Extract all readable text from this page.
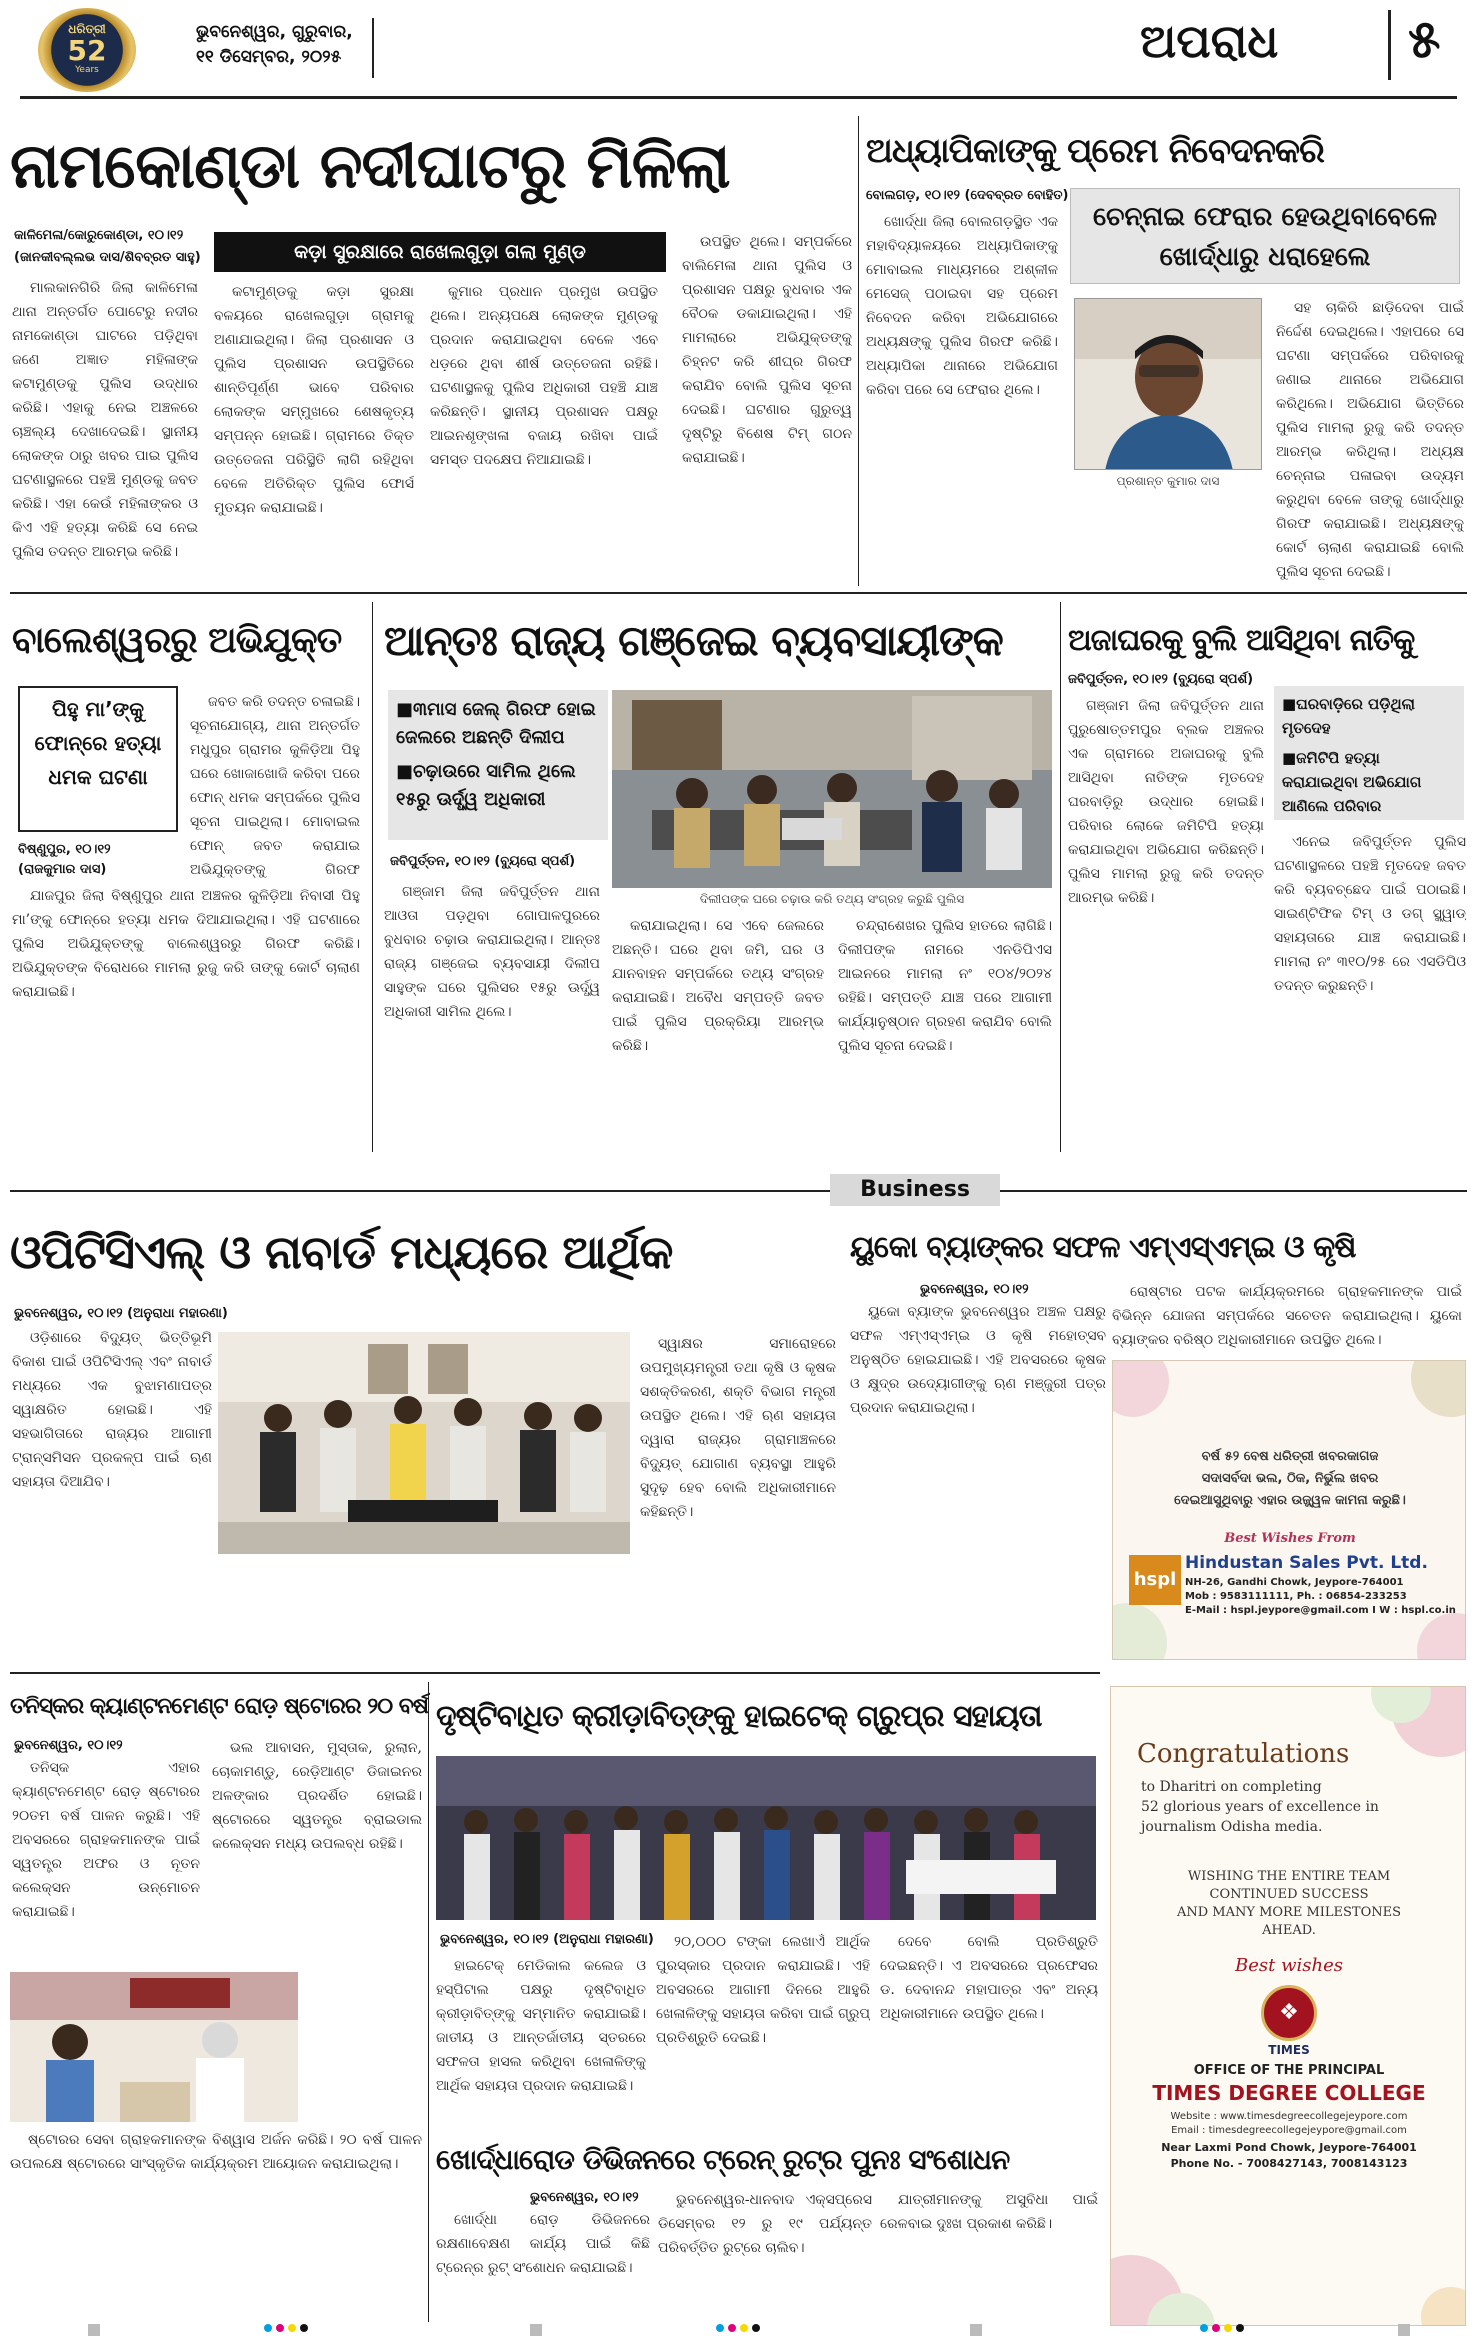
ଧରିତ୍ରୀ
52
Years
ଭୁବନେଶ୍ୱର, ଗୁରୁବାର,
୧୧ ଡିସେମ୍ବର, ୨୦୨୫	ଅପରାଧ ୫
ନାମକୋଣ୍ଡା ନଦୀଘାଟରୁ ମିଳିଲା
କାଳିମେଳା/କୋରୁକୋଣ୍ଡା, ୧୦।୧୨
(ଜାନକୀବଲ୍ଲଭ ଦାସ/ଶିବବ୍ରତ ସାହୁ)	କଡ଼ା ସୁରକ୍ଷାରେ ରାଖେଲଗୁଡ଼ା ଗଲା ମୁଣ୍ଡ

ମାଲକାନଗିରି ଜିଲା କାଳିମେଳା ଥାନା ଅନ୍ତର୍ଗତ ପୋଟେରୁ ନଦୀର ନାମକୋଣ୍ଡା ଘାଟରେ ପଡ଼ିଥିବା ଜଣେ ଅଜ୍ଞାତ ମହିଳାଙ୍କ କଟାମୁଣ୍ଡକୁ ପୁଲିସ ଉଦ୍ଧାର କରିଛି। ଏହାକୁ ନେଇ ଅଞ୍ଚଳରେ ଚାଞ୍ଚଲ୍ୟ ଦେଖାଦେଇଛି। ସ୍ଥାନୀୟ ଲୋକଙ୍କ ଠାରୁ ଖବର ପାଇ ପୁଲିସ ଘଟଣାସ୍ଥଳରେ ପହଞ୍ଚି ମୁଣ୍ଡକୁ ଜବତ କରିଛି। ଏହା କେଉଁ ମହିଳାଙ୍କର ଓ କିଏ ଏହି ହତ୍ୟା କରିଛି ସେ ନେଇ ପୁଲିସ ତଦନ୍ତ ଆରମ୍ଭ କରିଛି।

କଟାମୁଣ୍ଡକୁ କଡ଼ା ସୁରକ୍ଷା ବଳୟରେ ରାଖେଲଗୁଡ଼ା ଗ୍ରାମକୁ ଅଣାଯାଇଥିଲା। ଜିଲା ପ୍ରଶାସନ ଓ ପୁଲିସ ପ୍ରଶାସନ ଉପସ୍ଥିତିରେ ଶାନ୍ତିପୂର୍ଣ୍ଣ ଭାବେ ପରିବାର ଲୋକଙ୍କ ସମ୍ମୁଖରେ ଶେଷକୃତ୍ୟ ସମ୍ପନ୍ନ ହୋଇଛି। ଗ୍ରାମରେ ତିକ୍ତ ଉତ୍ତେଜନା ପରିସ୍ଥିତି ଲାଗି ରହିଥିବା ବେଳେ ଅତିରିକ୍ତ ପୁଲିସ ଫୋର୍ସ ମୁତୟନ କରାଯାଇଛି।

କୁମାର ପ୍ରଧାନ ପ୍ରମୁଖ ଉପସ୍ଥିତ ଥିଲେ। ଅନ୍ୟପକ୍ଷେ ଲୋକଙ୍କ ମୁଣ୍ଡକୁ ପ୍ରଦାନ କରାଯାଇଥିବା ବେଳେ ଏବେ ଧଡ଼ରେ ଥିବା ଶୀର୍ଷ ଉତ୍ତେଜନା ରହିଛି। ଘଟଣାସ୍ଥଳକୁ ପୁଲିସ ଅଧିକାରୀ ପହଞ୍ଚି ଯାଞ୍ଚ କରିଛନ୍ତି। ସ୍ଥାନୀୟ ପ୍ରଶାସନ ପକ୍ଷରୁ ଆଇନଶୃଙ୍ଖଳା ବଜାୟ ରଖିବା ପାଇଁ ସମସ୍ତ ପଦକ୍ଷେପ ନିଆଯାଇଛି।

ଉପସ୍ଥିତ ଥିଲେ। ସମ୍ପର୍କରେ ବାଲିମେଳା ଥାନା ପୁଲିସ ଓ ପ୍ରଶାସନ ପକ୍ଷରୁ ବୁଧବାର ଏକ ବୈଠକ ଡକାଯାଇଥିଲା। ଏହି ମାମଲାରେ ଅଭିଯୁକ୍ତଙ୍କୁ ଚିହ୍ନଟ କରି ଶୀଘ୍ର ଗିରଫ କରାଯିବ ବୋଲି ପୁଲିସ ସୂଚନା ଦେଇଛି। ଘଟଣାର ଗୁରୁତ୍ୱ ଦୃଷ୍ଟିରୁ ବିଶେଷ ଟିମ୍ ଗଠନ କରାଯାଇଛି।

ଅଧ୍ୟାପିକାଙ୍କୁ ପ୍ରେମ ନିବେଦନକରି
ବୋଲଗଡ଼, ୧୦।୧୨ (ଦେବବ୍ରତ ବୋହିତ)
ଚେନ୍ନାଇ ଫେରାର ହେଉଥିବାବେଳେ ଖୋର୍ଦ୍ଧାରୁ ଧରାହେଲେ

ଖୋର୍ଦ୍ଧା ଜିଲା ବୋଲଗଡ଼ସ୍ଥିତ ଏକ ମହାବିଦ୍ୟାଳୟରେ ଅଧ୍ୟାପିକାଙ୍କୁ ମୋବାଇଲ ମାଧ୍ୟମରେ ଅଶ୍ଳୀଳ ମେସେଜ୍ ପଠାଇବା ସହ ପ୍ରେମ ନିବେଦନ କରିବା ଅଭିଯୋଗରେ ଅଧ୍ୟକ୍ଷଙ୍କୁ ପୁଲିସ ଗିରଫ କରିଛି। ଅଧ୍ୟାପିକା ଥାନାରେ ଅଭିଯୋଗ କରିବା ପରେ ସେ ଫେରାର ଥିଲେ।

ପ୍ରଶାନ୍ତ କୁମାର ଦାସ

ସହ ଚାକିରି ଛାଡ଼ିଦେବା ପାଇଁ ନିର୍ଦ୍ଦେଶ ଦେଇଥିଲେ। ଏହାପରେ ସେ ଘଟଣା ସମ୍ପର୍କରେ ପରିବାରକୁ ଜଣାଇ ଥାନାରେ ଅଭିଯୋଗ କରିଥିଲେ। ଅଭିଯୋଗ ଭିତ୍ତିରେ ପୁଲିସ ମାମଲା ରୁଜୁ କରି ତଦନ୍ତ ଆରମ୍ଭ କରିଥିଲା। ଅଧ୍ୟକ୍ଷ ଚେନ୍ନାଇ ପଳାଇବା ଉଦ୍ୟମ କରୁଥିବା ବେଳେ ତାଙ୍କୁ ଖୋର୍ଦ୍ଧାରୁ ଗିରଫ କରାଯାଇଛି। ଅଧ୍ୟକ୍ଷଙ୍କୁ କୋର୍ଟ ଚାଲାଣ କରାଯାଇଛି ବୋଲି ପୁଲିସ ସୂଚନା ଦେଇଛି।

ବାଲେଶ୍ୱରରୁ ଅଭିଯୁକ୍ତ
ପିହୁ ମା’ଙ୍କୁ ଫୋନ୍‌ରେ ହତ୍ୟା ଧମକ ଘଟଣା
ବିଷ୍ଣୁପୁର, ୧୦।୧୨
(ରାଜକୁମାର ଦାସ)

ଯାଜପୁର ଜିଲା ବିଷ୍ଣୁପୁର ଥାନା ଅଞ୍ଚଳର କୁଳିଡ଼ିଆ ନିବାସୀ ପିହୁ ମା’ଙ୍କୁ ଫୋନ୍‌ରେ ହତ୍ୟା ଧମକ ଦିଆଯାଇଥିଲା। ଏହି ଘଟଣାରେ ପୁଲିସ ଅଭିଯୁକ୍ତଙ୍କୁ ବାଲେଶ୍ୱରରୁ ଗିରଫ କରିଛି। ଅଭିଯୁକ୍ତଙ୍କ ବିରୋଧରେ ମାମଲା ରୁଜୁ କରି ତାଙ୍କୁ କୋର୍ଟ ଚାଲାଣ କରାଯାଇଛି।

ଜବତ କରି ତଦନ୍ତ ଚଳାଇଛି। ସୂଚନାଯୋଗ୍ୟ, ଥାନା ଅନ୍ତର୍ଗତ ମଧୁପୁର ଗ୍ରାମର କୁଳିଡ଼ିଆ ପିହୁ ଘରେ ଖୋଜାଖୋଜି କରିବା ପରେ ଫୋନ୍ ଧମକ ସମ୍ପର୍କରେ ପୁଲିସ ସୂଚନା ପାଇଥିଲା। ମୋବାଇଲ ଫୋନ୍ ଜବତ କରାଯାଇ ଅଭିଯୁକ୍ତଙ୍କୁ ଗିରଫ

ଆନ୍ତଃ ରାଜ୍ୟ ଗଞ୍ଜେଇ ବ୍ୟବସାୟୀଙ୍କ
■୩ମାସ ଜେଲ୍ ଗିରଫ ହୋଇ ଜେଲରେ ଅଛନ୍ତି ଦିଲୀପ
■ଚଢ଼ାଉରେ ସାମିଲ ଥିଲେ ୧୫ରୁ ଊର୍ଦ୍ଧ୍ୱ ଅଧିକାରୀ
ଜବିପୁର୍ତ୍ତନ, ୧୦।୧୨ (ବ୍ୟୁରୋ ସ୍ପର୍ଶ)
ଦିଲୀପଙ୍କ ଘରେ ଚଢ଼ାଉ କରି ତଥ୍ୟ ସଂଗ୍ରହ କରୁଛି ପୁଲିସ

ଗଞ୍ଜାମ ଜିଲା ଜବିପୁର୍ତ୍ତନ ଥାନା ଆଓତା ପଡ଼ଥିବା ଗୋପାଳପୁରରେ ବୁଧବାର ଚଢ଼ାଉ କରାଯାଇଥିଲା। ଆନ୍ତଃ ରାଜ୍ୟ ଗଞ୍ଜେଇ ବ୍ୟବସାୟୀ ଦିଲୀପ ସାହୁଙ୍କ ଘରେ ପୁଲିସର ୧୫ରୁ ଊର୍ଦ୍ଧ୍ୱ ଅଧିକାରୀ ସାମିଲ ଥିଲେ।

କରାଯାଇଥିଲା। ସେ ଏବେ ଜେଲରେ ଅଛନ୍ତି। ଘରେ ଥିବା ଜମି, ଘର ଓ ଯାନବାହନ ସମ୍ପର୍କରେ ତଥ୍ୟ ସଂଗ୍ରହ କରାଯାଇଛି। ଅବୈଧ ସମ୍ପତ୍ତି ଜବତ ପାଇଁ ପୁଲିସ ପ୍ରକ୍ରିୟା ଆରମ୍ଭ କରିଛି।

ଚନ୍ଦ୍ରାଶେଖର ପୁଲିସ ହାତରେ ଲାଗିଛି। ଦିଲୀପଙ୍କ ନାମରେ ଏନଡିପିଏସ ଆଇନରେ ମାମଲା ନଂ ୧୦୪/୨୦୨୪ ରହିଛି। ସମ୍ପତ୍ତି ଯାଞ୍ଚ ପରେ ଆଗାମୀ କାର୍ଯ୍ୟାନୁଷ୍ଠାନ ଗ୍ରହଣ କରାଯିବ ବୋଲି ପୁଲିସ ସୂଚନା ଦେଇଛି।

ଅଜାଘରକୁ ବୁଲି ଆସିଥିବା ନାତିକୁ
ଜବିପୁର୍ତ୍ତନ, ୧୦।୧୨ (ବ୍ୟୁରୋ ସ୍ପର୍ଶ)
■ଘରବାଡ଼ିରେ ପଡ଼ିଥିଲା ମୃତଦେହ
■ଜମିଟିପି ହତ୍ୟା କରାଯାଇଥିବା ଅଭିଯୋଗ ଆଣିଲେ ପରିବାର

ଗଞ୍ଜାମ ଜିଲା ଜବିପୁର୍ତ୍ତନ ଥାନା ପୁରୁଷୋତ୍ତମପୁର ବ୍ଲକ ଅଞ୍ଚଳର ଏକ ଗ୍ରାମରେ ଅଜାଘରକୁ ବୁଲି ଆସିଥିବା ନାତିଙ୍କ ମୃତଦେହ ଘରବାଡ଼ିରୁ ଉଦ୍ଧାର ହୋଇଛି। ପରିବାର ଲୋକେ ଜମିଟିପି ହତ୍ୟା କରାଯାଇଥିବା ଅଭିଯୋଗ କରିଛନ୍ତି। ପୁଲିସ ମାମଲା ରୁଜୁ କରି ତଦନ୍ତ ଆରମ୍ଭ କରିଛି।

ଏନେଇ ଜବିପୁର୍ତ୍ତନ ପୁଲିସ ଘଟଣାସ୍ଥଳରେ ପହଞ୍ଚି ମୃତଦେହ ଜବତ କରି ବ୍ୟବଚ୍ଛେଦ ପାଇଁ ପଠାଇଛି। ସାଇଣ୍ଟିଫିକ ଟିମ୍ ଓ ଡଗ୍ ସ୍କ୍ୱାଡ୍ ସହାୟତାରେ ଯାଞ୍ଚ କରାଯାଇଛି। ମାମଲା ନଂ ୩୧୦/୨୫ ରେ ଏସଡିପିଓ ତଦନ୍ତ କରୁଛନ୍ତି।

Business
ଓପିଟିସିଏଲ୍ ଓ ନାବାର୍ଡ ମଧ୍ୟରେ ଆର୍ଥିକ
ଭୁବନେଶ୍ୱର, ୧୦।୧୨ (ଅନୁରାଧା ମହାରଣା)

ଓଡ଼ିଶାରେ ବିଦ୍ୟୁତ୍ ଭିତ୍ତିଭୂମି ବିକାଶ ପାଇଁ ଓପିଟିସିଏଲ୍ ଏବଂ ନାବାର୍ଡ ମଧ୍ୟରେ ଏକ ବୁଝାମଣାପତ୍ର ସ୍ୱାକ୍ଷରିତ ହୋଇଛି। ଏହି ସହଭାଗିତାରେ ରାଜ୍ୟର ଆଗାମୀ ଟ୍ରାନ୍ସମିସନ ପ୍ରକଳ୍ପ ପାଇଁ ଋଣ ସହାୟତା ଦିଆଯିବ।

ସ୍ୱାକ୍ଷର ସମାରୋହରେ ଉପମୁଖ୍ୟମନ୍ତ୍ରୀ ତଥା କୃଷି ଓ କୃଷକ ସଶକ୍ତିକରଣ, ଶକ୍ତି ବିଭାଗ ମନ୍ତ୍ରୀ ଉପସ୍ଥିତ ଥିଲେ। ଏହି ଋଣ ସହାୟତା ଦ୍ୱାରା ରାଜ୍ୟର ଗ୍ରାମାଞ୍ଚଳରେ ବିଦ୍ୟୁତ୍ ଯୋଗାଣ ବ୍ୟବସ୍ଥା ଆହୁରି ସୁଦୃଢ଼ ହେବ ବୋଲି ଅଧିକାରୀମାନେ କହିଛନ୍ତି।

ୟୁକୋ ବ୍ୟାଙ୍କର ସଫଳ ଏମ୍‌ଏସ୍‌ଏମ୍‌ଇ ଓ କୃଷି
ଭୁବନେଶ୍ୱର, ୧୦।୧୨

ୟୁକୋ ବ୍ୟାଙ୍କ ଭୁବନେଶ୍ୱର ଅଞ୍ଚଳ ପକ୍ଷରୁ ସଫଳ ଏମ୍‌ଏସ୍‌ଏମ୍‌ଇ ଓ କୃଷି ମହୋତ୍ସବ ଅନୁଷ୍ଠିତ ହୋଇଯାଇଛି। ଏହି ଅବସରରେ କୃଷକ ଓ କ୍ଷୁଦ୍ର ଉଦ୍ୟୋଗୀଙ୍କୁ ଋଣ ମଞ୍ଜୁରୀ ପତ୍ର ପ୍ରଦାନ କରାଯାଇଥିଲା।

ରୋଷ୍ଟାର ପଟକ କାର୍ଯ୍ୟକ୍ରମରେ ଗ୍ରାହକମାନଙ୍କ ପାଇଁ ବିଭିନ୍ନ ଯୋଜନା ସମ୍ପର୍କରେ ସଚେତନ କରାଯାଇଥିଲା। ୟୁକୋ ବ୍ୟାଙ୍କର ବରିଷ୍ଠ ଅଧିକାରୀମାନେ ଉପସ୍ଥିତ ଥିଲେ।

ବର୍ଷ ୫୨ ବେଷ ଧରିତ୍ରୀ ଖବରକାଗଜ
ସଦାସର୍ବଦା ଭଲ, ଠିକ, ନିର୍ଭୁଲ ଖବର
ଦେଇଆସୁଥିବାରୁ ଏହାର ଉଜ୍ଜ୍ୱଳ କାମନା କରୁଛି।
Best Wishes From
hspl
Hindustan Sales Pvt. Ltd.
NH-26, Gandhi Chowk, Jeypore-764001
Mob : 9583111111, Ph. : 06854-233253
E-Mail : hspl.jeypore@gmail.com I W : hspl.co.in
ତନିସ୍କର କ୍ୟାଣ୍ଟନମେଣ୍ଟ ରୋଡ଼ ଷ୍ଟୋରର ୨୦ ବର୍ଷ
ଭୁବନେଶ୍ୱର, ୧୦।୧୨

ତନିସ୍କ ଏହାର କ୍ୟାଣ୍ଟନମେଣ୍ଟ ରୋଡ଼ ଷ୍ଟୋରର ୨୦ତମ ବର୍ଷ ପାଳନ କରୁଛି। ଏହି ଅବସରରେ ଗ୍ରାହକମାନଙ୍କ ପାଇଁ ସ୍ୱତନ୍ତ୍ର ଅଫର ଓ ନୂତନ କଲେକ୍ସନ ଉନ୍ମୋଚନ କରାଯାଇଛି।

ଭଲ ଆବାସନ, ମୁସ୍ତାକ, ରୁଲାନ, ଚୋକାମଣ୍ଡୁ, ରେଡ଼ିଆଣ୍ଟ ଡିଜାଇନର ଅଳଙ୍କାର ପ୍ରଦର୍ଶିତ ହୋଇଛି। ଷ୍ଟୋରରେ ସ୍ୱତନ୍ତ୍ର ବ୍ରାଇଡାଲ କଲେକ୍ସନ ମଧ୍ୟ ଉପଲବ୍ଧ ରହିଛି।

ଷ୍ଟୋରର ସେବା ଗ୍ରାହକମାନଙ୍କ ବିଶ୍ୱାସ ଅର୍ଜନ କରିଛି। ୨୦ ବର୍ଷ ପାଳନ ଉପଲକ୍ଷେ ଷ୍ଟୋରରେ ସାଂସ୍କୃତିକ କାର୍ଯ୍ୟକ୍ରମ ଆୟୋଜନ କରାଯାଇଥିଲା।

ଦୃଷ୍ଟିବାଧିତ କ୍ରୀଡ଼ାବିତ୍‌ଙ୍କୁ ହାଇଟେକ୍ ଗ୍ରୁପ୍‌ର ସହାୟତା
ଭୁବନେଶ୍ୱର, ୧୦।୧୨ (ଅନୁରାଧା ମହାରଣା)

ହାଇଟେକ୍ ମେଡିକାଲ କଲେଜ ଓ ହସ୍ପିଟାଲ ପକ୍ଷରୁ ଦୃଷ୍ଟିବାଧିତ କ୍ରୀଡ଼ାବିତ୍‌ଙ୍କୁ ସମ୍ମାନିତ କରାଯାଇଛି। ଜାତୀୟ ଓ ଆନ୍ତର୍ଜାତୀୟ ସ୍ତରରେ ସଫଳତା ହାସଲ କରିଥିବା ଖେଳାଳିଙ୍କୁ ଆର୍ଥିକ ସହାୟତା ପ୍ରଦାନ କରାଯାଇଛି।

୨୦,୦୦୦ ଟଙ୍କା ଲେଖାଏଁ ଆର୍ଥିକ ପୁରସ୍କାର ପ୍ରଦାନ କରାଯାଇଛି। ଏହି ଅବସରରେ ଆଗାମୀ ଦିନରେ ଆହୁରି ଖେଳାଳିଙ୍କୁ ସହାୟତା କରିବା ପାଇଁ ଗ୍ରୁପ୍ ପ୍ରତିଶ୍ରୁତି ଦେଇଛି।

ଦେବେ ବୋଲି ପ୍ରତିଶ୍ରୁତି ଦେଇଛନ୍ତି। ଏ ଅବସରରେ ପ୍ରଫେସର ଡ. ଦେବାନନ୍ଦ ମହାପାତ୍ର ଏବଂ ଅନ୍ୟ ଅଧିକାରୀମାନେ ଉପସ୍ଥିତ ଥିଲେ।

ଖୋର୍ଦ୍ଧାରୋଡ ଡିଭିଜନରେ ଟ୍ରେନ୍ ରୁଟ୍‌ର ପୁନଃ ସଂଶୋଧନ
ଭୁବନେଶ୍ୱର, ୧୦।୧୨

ଖୋର୍ଦ୍ଧା ରୋଡ଼ ଡିଭିଜନରେ ରକ୍ଷଣାବେକ୍ଷଣ କାର୍ଯ୍ୟ ପାଇଁ କିଛି ଟ୍ରେନ୍‌ର ରୁଟ୍ ସଂଶୋଧନ କରାଯାଇଛି।

ଭୁବନେଶ୍ୱର-ଧାନବାଦ ଏକ୍ସପ୍ରେସ ଡିସେମ୍ବର ୧୨ ରୁ ୧୯ ପର୍ଯ୍ୟନ୍ତ ପରିବର୍ତ୍ତିତ ରୁଟ୍‌ରେ ଚାଲିବ।

ଯାତ୍ରୀମାନଙ୍କୁ ଅସୁବିଧା ପାଇଁ ରେଳବାଇ ଦୁଃଖ ପ୍ରକାଶ କରିଛି।

Congratulations
to Dharitri on completing
52 glorious years of excellence in
journalism Odisha media.
WISHING THE ENTIRE TEAM
CONTINUED SUCCESS
AND MANY MORE MILESTONES
AHEAD.
Best wishes
❖
TIMES
OFFICE OF THE PRINCIPAL
TIMES DEGREE COLLEGE
Website : www.timesdegreecollegejeypore.com
Email : timesdegreecollegejeypore@gmail.com
Near Laxmi Pond Chowk, Jeypore-764001
Phone No. - 7008427143, 7008143123
